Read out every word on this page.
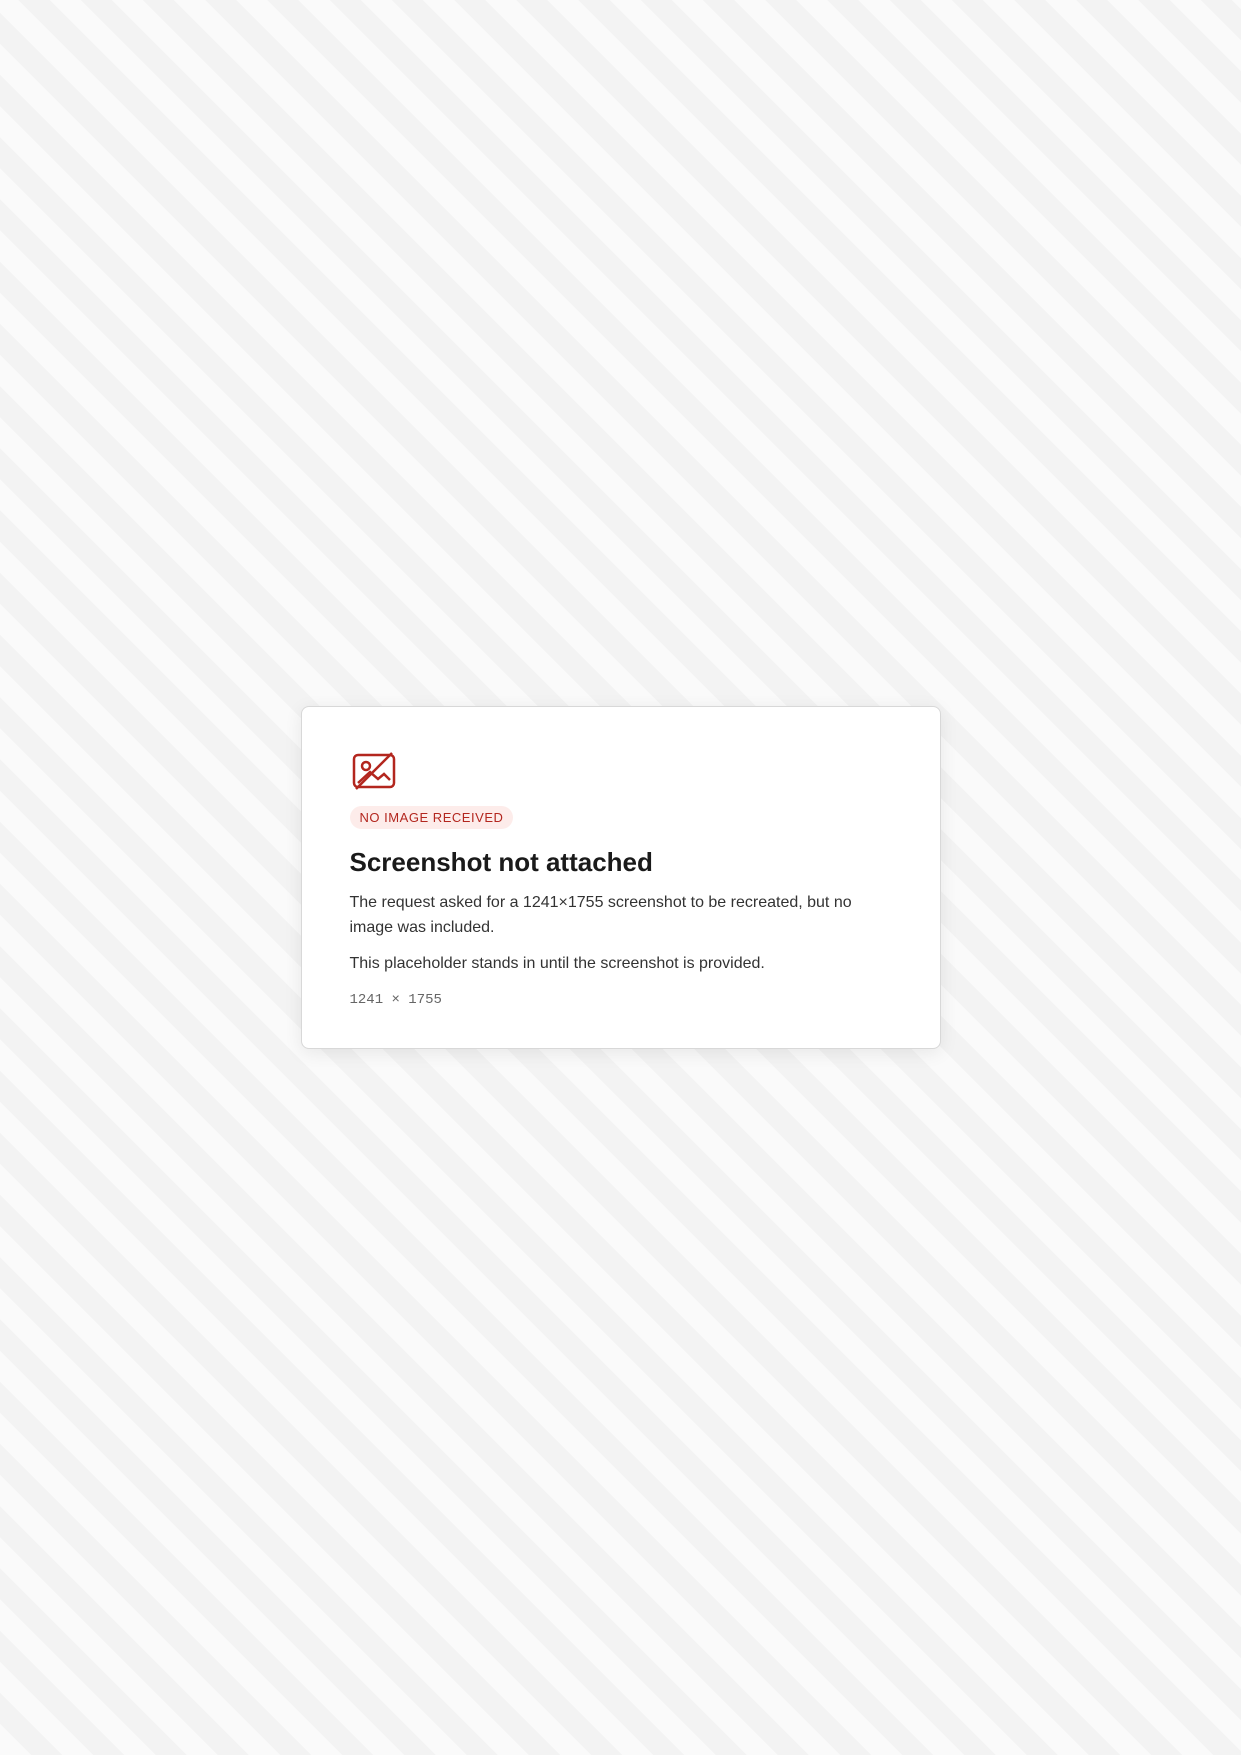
NO IMAGE RECEIVED
Screenshot not attached

The request asked for a 1241×1755 screenshot to be recreated, but no image was included.

This placeholder stands in until the screenshot is provided.

1241 × 1755
